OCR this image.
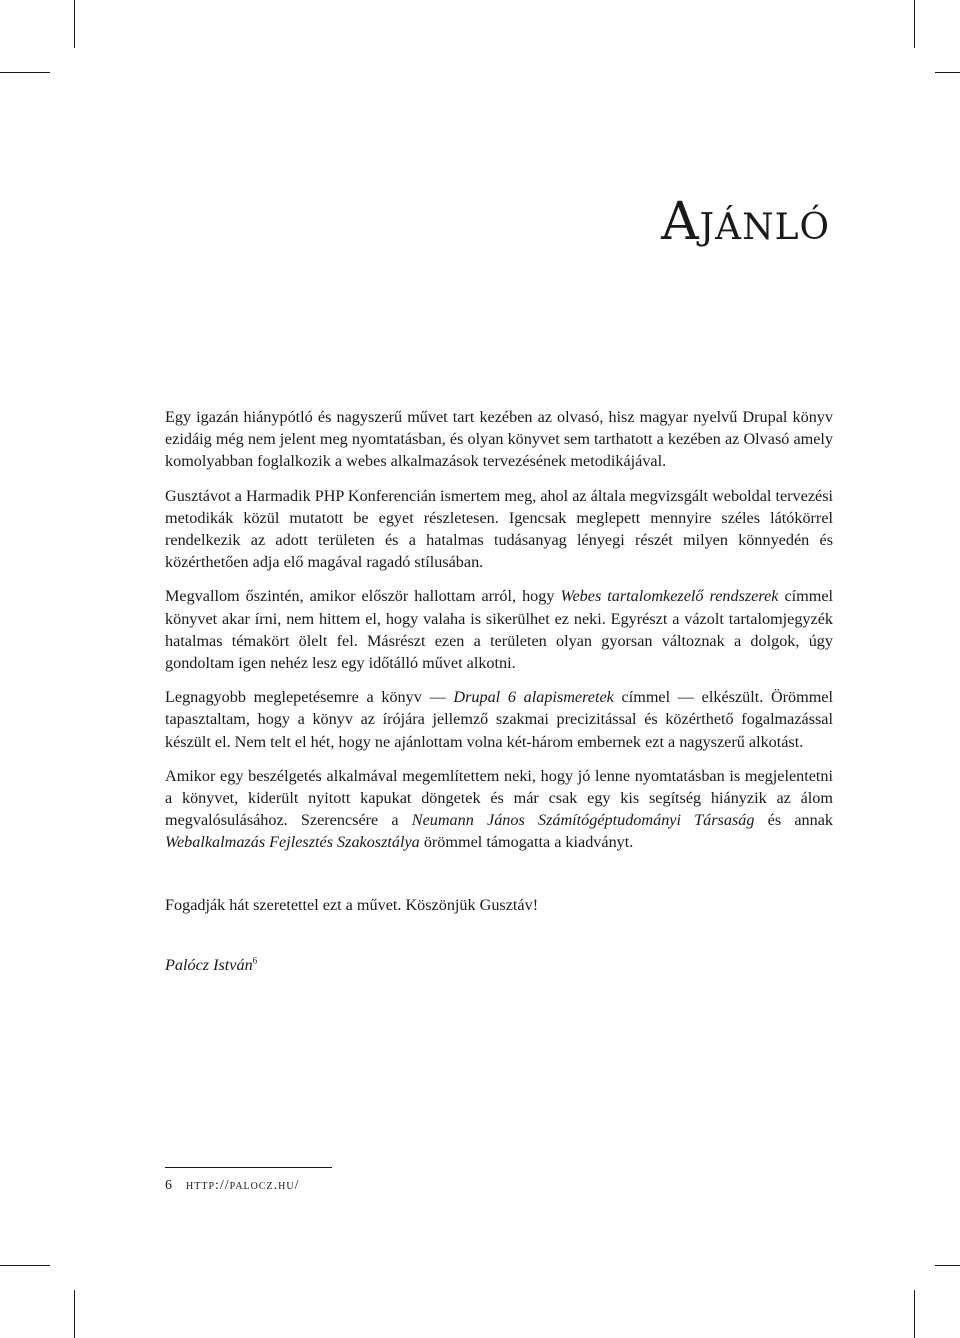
Ajánló

Egy igazán hiánypótló és nagyszerű művet tart kezében az olvasó, hisz magyar nyelvű Drupal könyv ezidáig még nem jelent meg nyomtatásban, és olyan könyvet sem tarthatott a kezében az Olvasó amely komolyabban foglalkozik a webes alkalmazások tervezésének metodikájával.

Gusztávot a Harmadik PHP Konferencián ismertem meg, ahol az általa megvizsgált weboldal tervezési metodikák közül mutatott be egyet részletesen. Igencsak meglepett mennyire széles látókörrel rendelkezik az adott területen és a hatalmas tudásanyag lényegi részét milyen könnyedén és közérthetően adja elő magával ragadó stílusában.

Megvallom őszintén, amikor először hallottam arról, hogy Webes tartalomkezelő rendszerek címmel könyvet akar írni, nem hittem el, hogy valaha is sikerülhet ez neki. Egyrészt a vázolt tartalomjegyzék hatalmas témakört ölelt fel. Másrészt ezen a területen olyan gyorsan változnak a dolgok, úgy gondoltam igen nehéz lesz egy időtálló művet alkotni.

Legnagyobb meglepetésemre a könyv — Drupal 6 alapismeretek címmel — elkészült. Örömmel tapasztaltam, hogy a könyv az írójára jellemző szakmai precizitással és közérthető fogalmazással készült el. Nem telt el hét, hogy ne ajánlottam volna két-három embernek ezt a nagyszerű alkotást.

Amikor egy beszélgetés alkalmával megemlítettem neki, hogy jó lenne nyomtatásban is megjelentetni a könyvet, kiderült nyitott kapukat döngetek és már csak egy kis segítség hiányzik az álom megvalósulásához. Szerencsére a Neumann János Számítógéptudományi Társaság és annak Webalkalmazás Fejlesztés Szakosztálya örömmel támogatta a kiadványt.

Fogadják hát szeretettel ezt a művet. Köszönjük Gusztáv!

Palócz István$^6$

6 http://palocz.hu/
